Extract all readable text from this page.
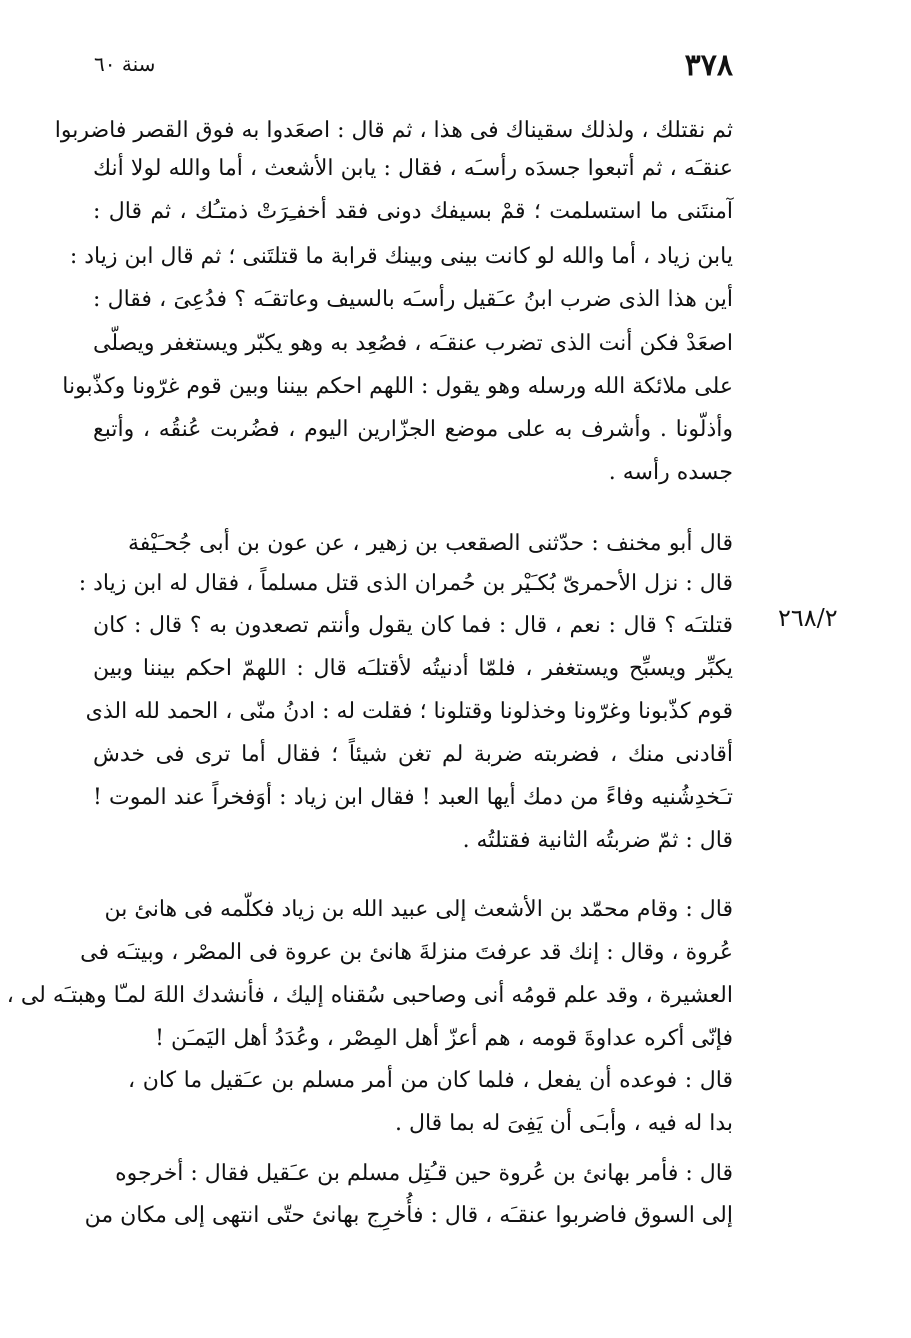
٣٧٨
سنة ٦٠
٢٦٨/٢
ثم نقتلك ، ولذلك سقيناك فى هذا ، ثم قال : اصعَدوا به فوق القصر فاضربوا
عنقـَه ، ثم أتبعوا جسدَه رأسـَه ، فقال : يابن الأشعث ، أما والله لولا أنك
آمنتَنى ما استسلمت ؛ قمْ بسيفك دونى فقد أخفـِرَتْ ذمتـُك ، ثم قال :
يابن زياد ، أما والله لو كانت بينى وبينك قرابة ما قتلتَنى ؛ ثم قال ابن زياد :
أين هذا الذى ضرب ابنُ عـَقيل رأسـَه بالسيف وعاتقـَه ؟ فدُعِىَ ، فقال :
اصعَدْ فكن أنت الذى تضرب عنقـَه ، فصُعِد به وهو يكبّر ويستغفر ويصلّى
على ملائكة الله ورسله وهو يقول : اللهم احكم بيننا وبين قوم غرّونا وكذّبونا
وأذلّونا . وأشرف به على موضع الجزّارين اليوم ، فضُربت عُنقُه ، وأتبع
جسده رأسه .
قال أبو مخنف : حدّثنى الصقعب بن زهير ، عن عون بن أبى جُحـَيْفة
قال : نزل الأحمرىّ بُكـَيْر بن حُمران الذى قتل مسلماً ، فقال له ابن زياد :
قتلتـَه ؟ قال : نعم ، قال : فما كان يقول وأنتم تصعدون به ؟ قال : كان
يكبِّر ويسبِّح ويستغفر ، فلمّا أدنيتُه لأقتلـَه قال : اللهمّ احكم بيننا وبين
قوم كذّبونا وغرّونا وخذلونا وقتلونا ؛ فقلت له : ادنُ منّى ، الحمد لله الذى
أقادنى منك ، فضربته ضربة لم تغن شيئاً ؛ فقال أما ترى فى خدش
تـَخدِشُنيه وفاءً من دمك أيها العبد ! فقال ابن زياد : أوَفخراً عند الموت !
قال : ثمّ ضربتُه الثانية فقتلتُه .
قال : وقام محمّد بن الأشعث إلى عبيد الله بن زياد فكلّمه فى هانئ بن
عُروة ، وقال : إنك قد عرفتَ منزلةَ هانئ بن عروة فى المصْر ، وبيتـَه فى
العشيرة ، وقد علم قومُه أنى وصاحبى سُقناه إليك ، فأنشدك اللهَ لمـّا وهبتـَه لى ،
فإنّى أكره عداوةَ قومه ، هم أعزّ أهل المِصْر ، وعُدَدُ أهل اليَمـَن !
قال : فوعده أن يفعل ، فلما كان من أمر مسلم بن عـَقيل ما كان ،
بدا له فيه ، وأبـَى أن يَفِىَ له بما قال .
قال : فأمر بهانئ بن عُروة حين قـُتِل مسلم بن عـَقيل فقال : أخرجوه
إلى السوق فاضربوا عنقـَه ، قال : فأُخرِج بهانئ حتّى انتهى إلى مكان من
